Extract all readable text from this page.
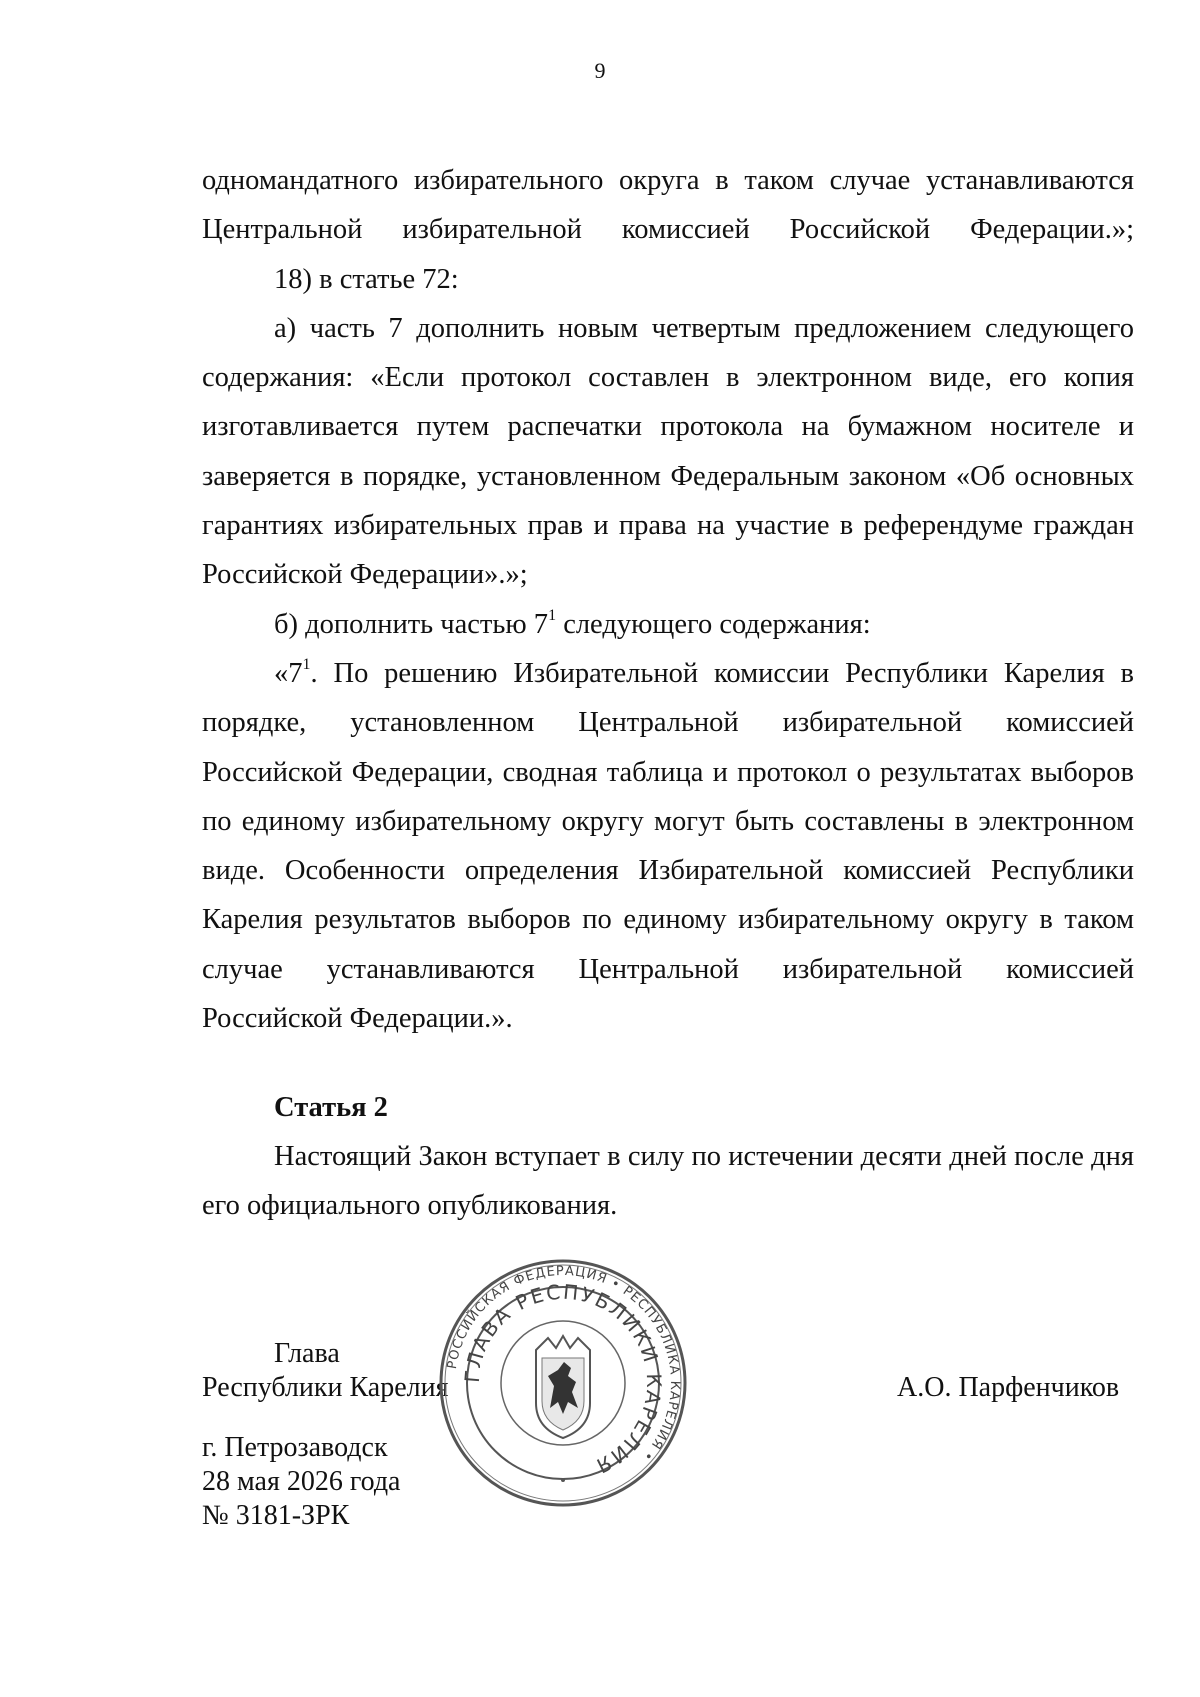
9

одномандатного избирательного округа в таком случае устанавливаются Центральной избирательной комиссией Российской Федерации.»;

18) в статье 72:

а) часть 7 дополнить новым четвертым предложением следующего содержания: «Если протокол составлен в электронном виде, его копия изготавливается путем распечатки протокола на бумажном носителе и заверяется в порядке, установленном Федеральным законом «Об основных гарантиях избирательных прав и права на участие в референдуме граждан Российской Федерации».»;

б) дополнить частью $7^1$ следующего содержания:

«$7^1$. По решению Избирательной комиссии Республики Карелия в порядке, установленном Центральной избирательной комиссией Российской Федерации, сводная таблица и протокол о результатах выборов по единому избирательному округу могут быть составлены в электронном виде. Особенности определения Избирательной комиссией Республики Карелия результатов выборов по единому избирательному округу в таком случае устанавливаются Центральной избирательной комиссией Российской Федерации.».

Статья 2

Настоящий Закон вступает в силу по истечении десяти дней после дня его официального опубликования.

Глава
Республики Карелия	А.О. Парфенчиков
РОССИЙСКАЯ ФЕДЕРАЦИЯ • РЕСПУБЛИКА КАРЕЛИЯ •
ГЛАВА РЕСПУБЛИКИ КАРЕЛИЯ
г. Петрозаводск
28 мая 2026 года
№ 3181-ЗРК
